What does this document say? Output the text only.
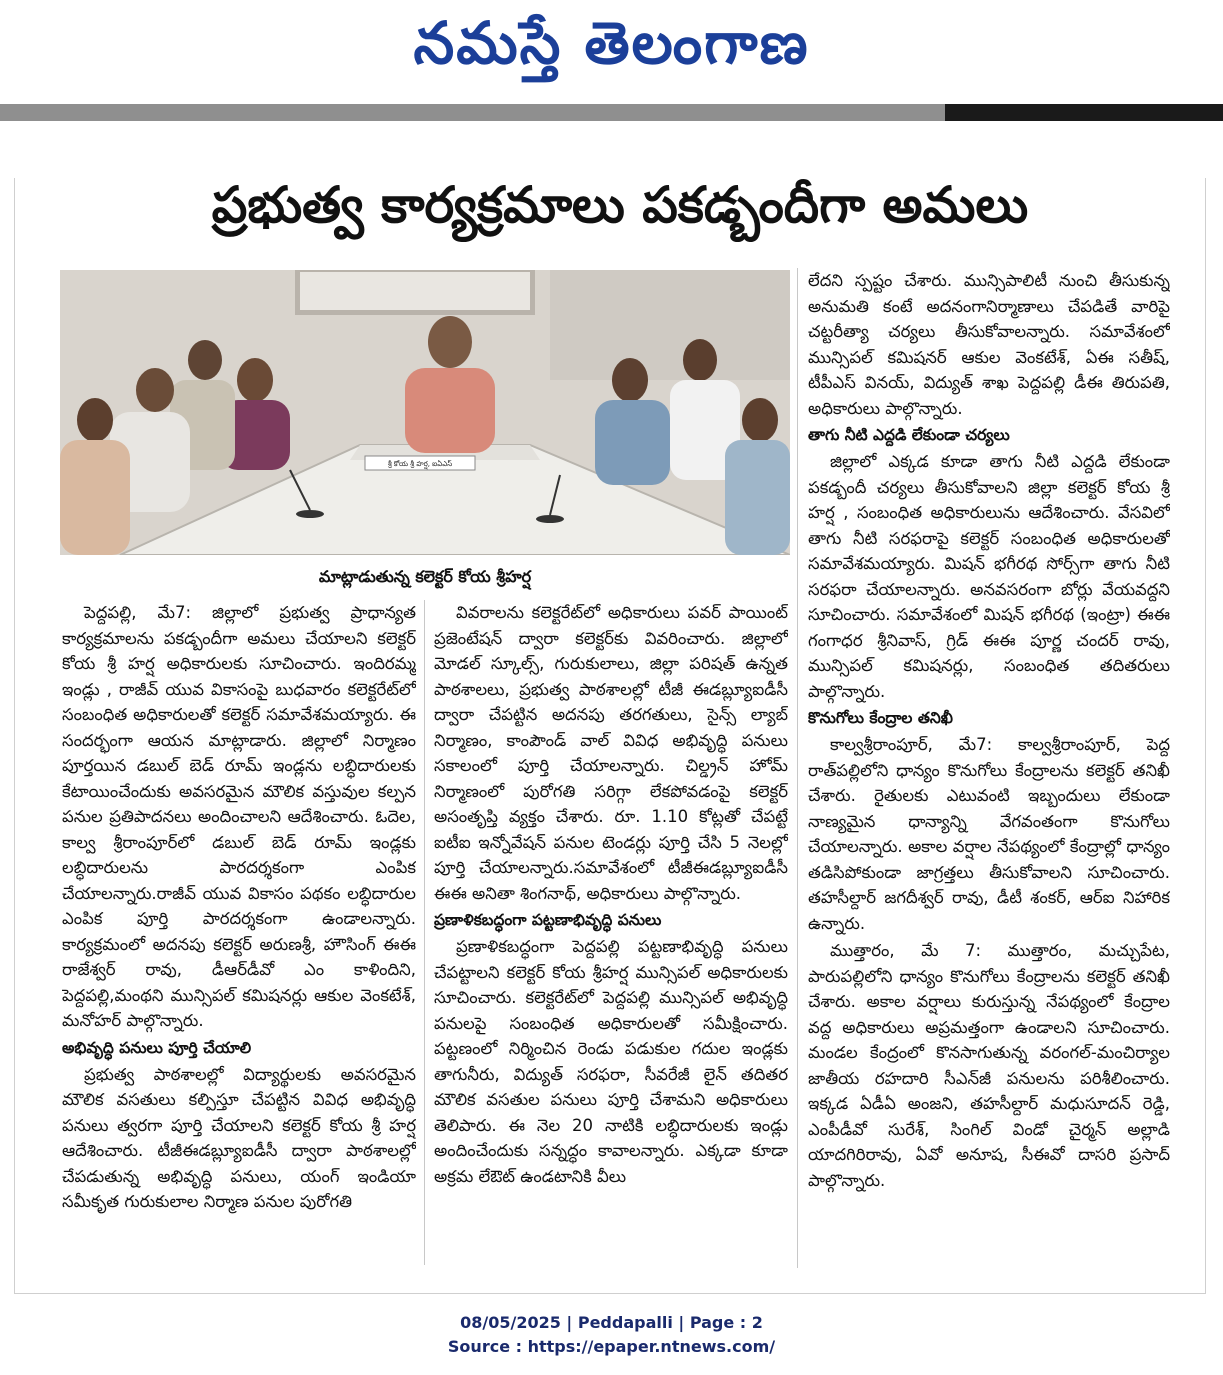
నమస్తే తెలంగాణ
ప్రభుత్వ కార్యక్రమాలు పకడ్బందీగా అమలు
శ్రీ కోయ శ్రీ హర్ష, ఐఏఎస్
మాట్లాడుతున్న కలెక్టర్ కోయ శ్రీహర్ష

పెద్దపల్లి, మే7: జిల్లాలో ప్రభుత్వ ప్రాధాన్యత కార్యక్రమాలను పకడ్బందీగా అమలు చేయాలని కలెక్టర్ కోయ శ్రీ హర్ష అధికారులకు సూచించారు. ఇందిరమ్మ ఇండ్లు , రాజీవ్ యువ వికాసంపై బుధవారం కలెక్టరేట్‌లో సంబంధిత అధికారులతో కలెక్టర్ సమావేశమయ్యారు. ఈ సందర్భంగా ఆయన మాట్లాడారు. జిల్లాలో నిర్మాణం పూర్తయిన డబుల్ బెడ్ రూమ్ ఇండ్లను లబ్ధిదారులకు కేటాయించేందుకు అవసరమైన మౌలిక వస్తువుల కల్పన పనుల ప్రతిపాదనలు అందించాలని ఆదేశించారు. ఓదెల, కాల్వ శ్రీరాంపూర్‌లో డబుల్ బెడ్ రూమ్ ఇండ్లకు లబ్ధిదారులను పారదర్శకంగా ఎంపిక చేయాలన్నారు.రాజీవ్ యువ వికాసం పథకం లబ్ధిదారుల ఎంపిక పూర్తి పారదర్శకంగా ఉండాలన్నారు. కార్యక్రమంలో అదనపు కలెక్టర్ అరుణశ్రీ, హౌసింగ్ ఈఈ రాజేశ్వర్ రావు, డీఆర్‌డీవో ఎం కాళిందిని, పెద్దపల్లి,మంథని మున్సిపల్ కమిషనర్లు ఆకుల వెంకటేశ్, మనోహర్ పాల్గొన్నారు.

అభివృద్ధి పనులు పూర్తి చేయాలి

ప్రభుత్వ పాఠశాలల్లో విద్యార్థులకు అవసరమైన మౌలిక వసతులు కల్పిస్తూ చేపట్టిన వివిధ అభివృద్ధి పనులు త్వరగా పూర్తి చేయాలని కలెక్టర్ కోయ శ్రీ హర్ష ఆదేశించారు. టీజీఈడబ్ల్యూఐడీసీ ద్వారా పాఠశాలల్లో చేపడుతున్న అభివృద్ధి పనులు, యంగ్ ఇండియా సమీకృత గురుకులాల నిర్మాణ పనుల పురోగతి

వివరాలను కలెక్టరేట్‌లో అధికారులు పవర్ పాయింట్ ప్రజెంటేషన్ ద్వారా కలెక్టర్‌కు వివరించారు. జిల్లాలో మోడల్ స్కూల్స్, గురుకులాలు, జిల్లా పరిషత్ ఉన్నత పాఠశాలలు, ప్రభుత్వ పాఠశాలల్లో టీజీ ఈడబ్ల్యూఐడీసీ ద్వారా చేపట్టిన అదనపు తరగతులు, సైన్స్ ల్యాబ్ నిర్మాణం, కాంపౌండ్ వాల్ వివిధ అభివృద్ధి పనులు సకాలంలో పూర్తి చేయాలన్నారు. చిల్డ్రన్ హోమ్ నిర్మాణంలో పురోగతి సరిగ్గా లేకపోవడంపై కలెక్టర్ అసంతృప్తి వ్యక్తం చేశారు. రూ. 1.10 కోట్లతో చేపట్టే ఐటీఐ ఇన్నోవేషన్ పనుల టెండర్లు పూర్తి చేసి 5 నెలల్లో పూర్తి చేయాలన్నారు.సమావేశంలో టీజీఈడబ్ల్యూఐడీసీ ఈఈ అనితా శింగనాథ్, అధికారులు పాల్గొన్నారు.

ప్రణాళికబద్ధంగా పట్టణాభివృద్ధి పనులు

ప్రణాళికబద్ధంగా పెద్దపల్లి పట్టణాభివృద్ధి పనులు చేపట్టాలని కలెక్టర్ కోయ శ్రీహర్ష మున్సిపల్ అధికారులకు సూచించారు. కలెక్టరేట్‌లో పెద్దపల్లి మున్సిపల్ అభివృద్ధి పనులపై సంబంధిత అధికారులతో సమీక్షించారు. పట్టణంలో నిర్మించిన రెండు పడుకుల గదుల ఇండ్లకు తాగునీరు, విద్యుత్ సరఫరా, సీవరేజీ లైన్ తదితర మౌలిక వసతుల పనులు పూర్తి చేశామని అధికారులు తెలిపారు. ఈ నెల 20 నాటికి లబ్ధిదారులకు ఇండ్లు అందించేందుకు సన్నద్ధం కావాలన్నారు. ఎక్కడా కూడా అక్రమ లేఔట్ ఉండటానికి వీలు

లేదని స్పష్టం చేశారు. మున్సిపాలిటీ నుంచి తీసుకున్న అనుమతి కంటే అదనంగానిర్మాణాలు చేపడితే వారిపై చట్టరీత్యా చర్యలు తీసుకోవాలన్నారు. సమావేశంలో మున్సిపల్ కమిషనర్ ఆకుల వెంకటేశ్, ఏఈ సతీష్, టీపీఎస్ వినయ్, విద్యుత్ శాఖ పెద్దపల్లి డీఈ తిరుపతి, అధికారులు పాల్గొన్నారు.

తాగు నీటి ఎద్దడి లేకుండా చర్యలు

జిల్లాలో ఎక్కడ కూడా తాగు నీటి ఎద్దడి లేకుండా పకడ్బందీ చర్యలు తీసుకోవాలని జిల్లా కలెక్టర్ కోయ శ్రీ హర్ష , సంబంధిత అధికారులును ఆదేశించారు. వేసవిలో తాగు నీటి సరఫరాపై కలెక్టర్ సంబంధిత అధికారులతో సమావేశమయ్యారు. మిషన్ భగీరథ సోర్స్‌గా తాగు నీటి సరఫరా చేయాలన్నారు. అనవసరంగా బోర్లు వేయవద్దని సూచించారు. సమావేశంలో మిషన్ భగీరథ (ఇంట్రా) ఈఈ గంగాధర శ్రీనివాస్, గ్రిడ్ ఈఈ పూర్ణ చందర్ రావు, మున్సిపల్ కమిషనర్లు, సంబంధిత తదితరులు పాల్గొన్నారు.

కొనుగోలు కేంద్రాల తనిఖీ

కాల్వశ్రీరాంపూర్, మే7: కాల్వశ్రీరాంపూర్, పెద్ద రాత్‌పల్లిలోని ధాన్యం కొనుగోలు కేంద్రాలను కలెక్టర్ తనిఖీ చేశారు. రైతులకు ఎటువంటి ఇబ్బందులు లేకుండా నాణ్యమైన ధాన్యాన్ని వేగవంతంగా కొనుగోలు చేయాలన్నారు. అకాల వర్షాల నేపథ్యంలో కేంద్రాల్లో ధాన్యం తడిసిపోకుండా జాగ్రత్తలు తీసుకోవాలని సూచించారు. తహసీల్దార్ జగదీశ్వర్ రావు, డీటీ శంకర్, ఆర్ఐ నిహారిక ఉన్నారు.

ముత్తారం, మే 7: ముత్తారం, మచ్చుపేట, పారుపల్లిలోని ధాన్యం కొనుగోలు కేంద్రాలను కలెక్టర్ తనిఖీ చేశారు. అకాల వర్షాలు కురుస్తున్న నేపథ్యంలో కేంద్రాల వద్ద అధికారులు అప్రమత్తంగా ఉండాలని సూచించారు. మండల కేంద్రంలో కొనసాగుతున్న వరంగల్-మంచిర్యాల జాతీయ రహదారి సీఎన్‌జీ పనులను పరిశీలించారు. ఇక్కడ ఏడీఏ అంజని, తహసీల్దార్ మధుసూదన్ రెడ్డి, ఎంపీడీవో సురేశ్, సింగిల్ విండో చైర్మన్ అల్లాడి యాదగిరిరావు, ఏవో అనూష, సీఈవో దాసరి ప్రసాద్ పాల్గొన్నారు.

08/05/2025 | Peddapalli | Page : 2
Source : https://epaper.ntnews.com/
